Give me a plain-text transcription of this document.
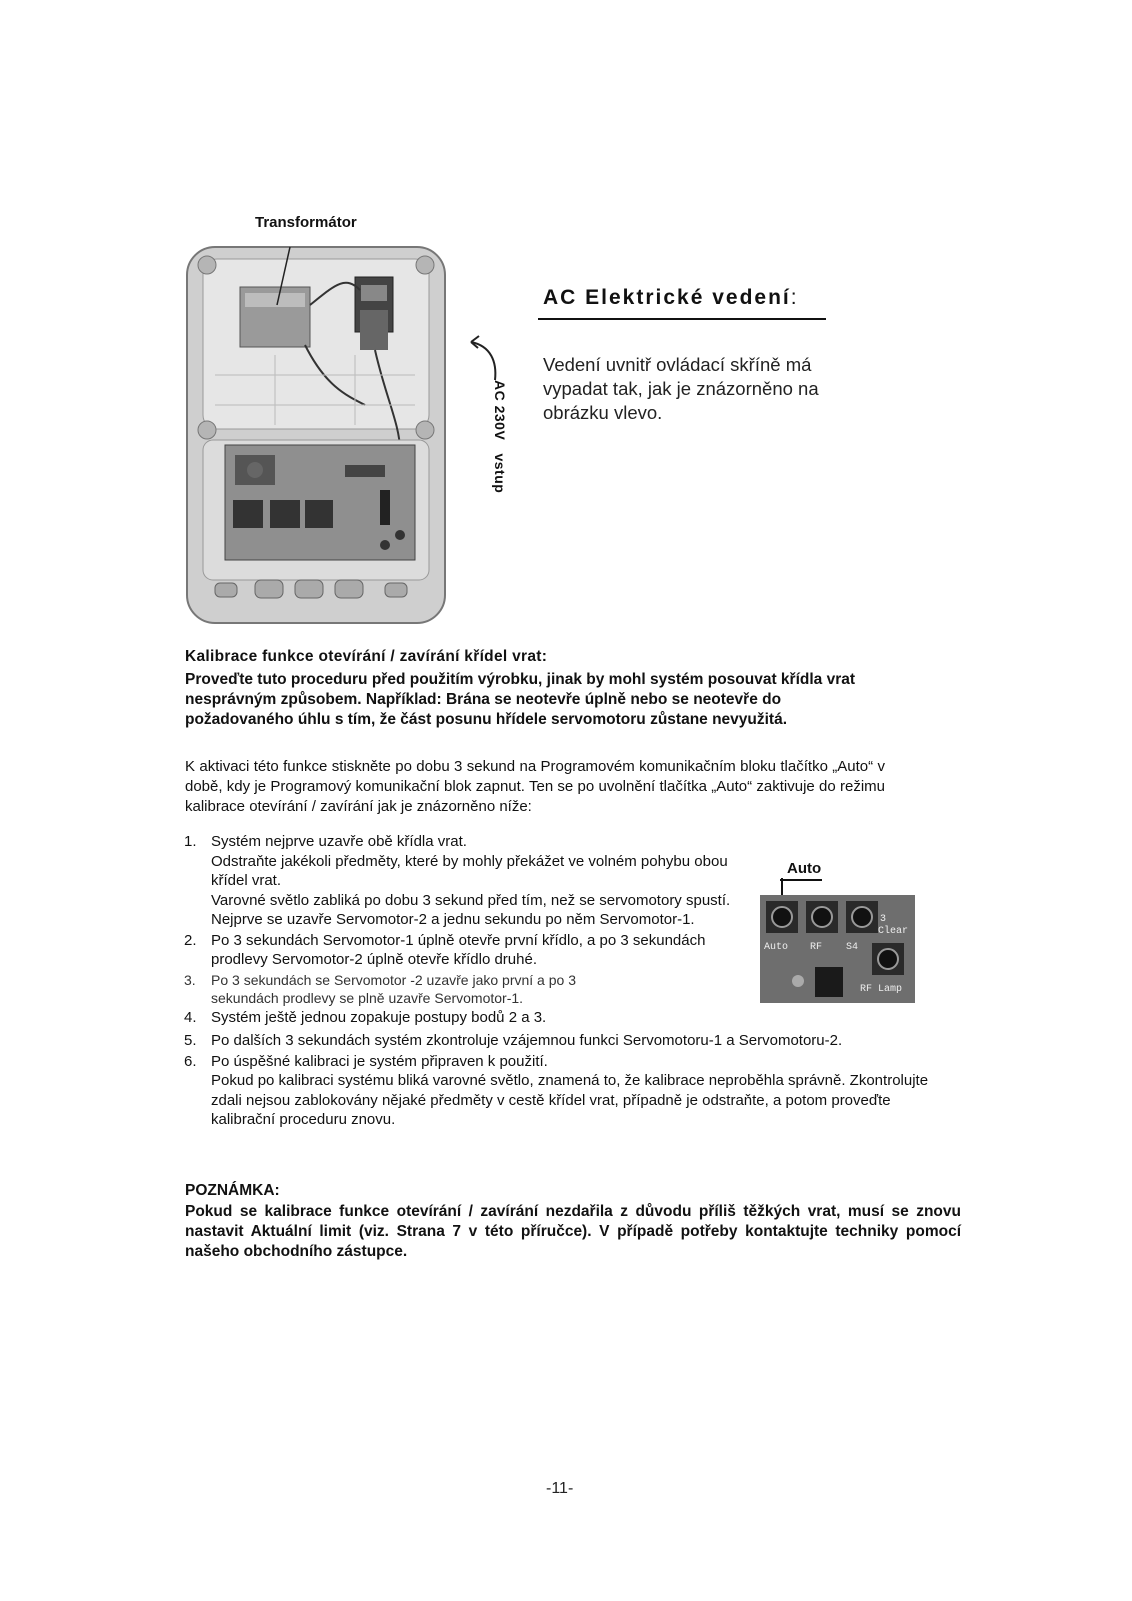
Transformátor
AC Elektrické vedení:
Vedení uvnitř ovládací skříně má vypadat tak, jak je znázorněno na obrázku vlevo.
AC 230V   vstup
Kalibrace funkce otevírání / zavírání křídel vrat:
Proveďte tuto proceduru před použitím výrobku, jinak by mohl systém posouvat křídla vrat nesprávným způsobem. Například: Brána se neotevře úplně nebo se neotevře do požadovaného úhlu s tím, že část posunu hřídele servomotoru zůstane nevyužitá.
K aktivaci této funkce stiskněte po dobu 3 sekund na Programovém komunikačním bloku tlačítko „Auto“ v době, kdy je Programový komunikační blok zapnut. Ten se po uvolnění tlačítka „Auto“ zaktivuje do režimu kalibrace otevírání / zavírání jak je znázorněno níže:
1. Systém nejprve uzavře obě křídla vrat.
Odstraňte jakékoli předměty, které by mohly překážet ve volném pohybu obou křídel vrat.
Varovné světlo zabliká po dobu 3 sekund před tím, než se servomotory spustí. Nejprve se uzavře Servomotor-2 a jednu sekundu po něm Servomotor-1.
2. Po 3 sekundách Servomotor-1 úplně otevře první křídlo, a po 3 sekundách prodlevy Servomotor-2 úplně otevře křídlo druhé.
3. Po 3 sekundách se Servomotor -2 uzavře jako první a po 3 sekundách prodlevy se plně uzavře Servomotor-1.
4. Systém ještě jednou zopakuje postupy bodů 2 a 3.
5. Po dalších 3 sekundách systém zkontroluje vzájemnou funkci Servomotoru-1 a Servomotoru-2.
6. Po úspěšné kalibraci je systém připraven k použití.
Pokud po kalibraci systému bliká varovné světlo, znamená to, že kalibrace neproběhla správně. Zkontrolujte zdali nejsou zablokovány nějaké předměty v cestě křídel vrat, případně je odstraňte, a potom proveďte kalibrační proceduru znovu.
Auto
Auto RF S4
3
Clear
RF Lamp
POZNÁMKA:
Pokud se kalibrace funkce otevírání / zavírání nezdařila z důvodu příliš těžkých vrat, musí se znovu nastavit Aktuální limit (viz. Strana 7 v této příručce). V případě potřeby kontaktujte techniky pomocí našeho obchodního zástupce.
-11-
